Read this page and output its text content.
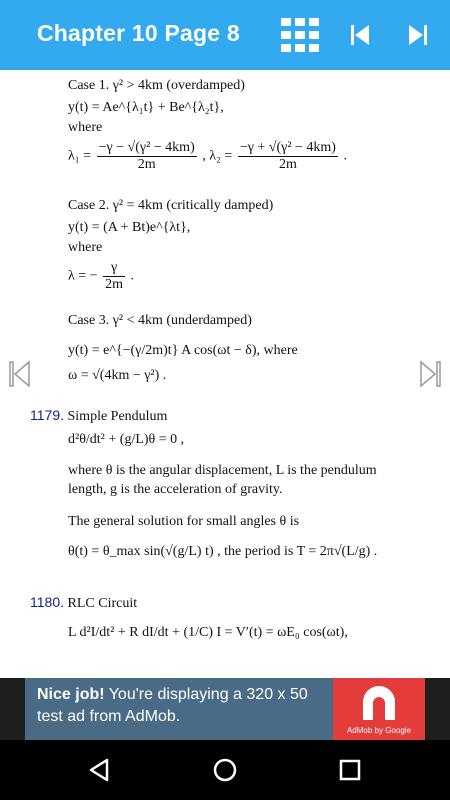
Chapter 10 Page 8
Case 1. γ² > 4km (overdamped)
y(t) = Ae^{λ₁t} + Be^{λ₂t},
where
$\lambda_1 = \frac{\text{−γ − √(γ² − 4km)}}{2m}$ , $\lambda_2 = \frac{\text{−γ + √(γ² − 4km)}}{2m}$ .
Case 2. γ² = 4km (critically damped)
y(t) = (A + Bt)e^{λt},
where
λ = − $\frac{\gamma}{2m}$ .
Case 3. γ² < 4km (underdamped)
y(t) = e^{−(γ/2m)t} A cos(ωt − δ), where
ω = √(4km − γ²) .
1179. Simple Pendulum
d²θ/dt² + (g/L)θ = 0 ,
where θ is the angular displacement, L is the pendulum
length, g is the acceleration of gravity.
The general solution for small angles θ is
θ(t) = θ_max sin(√(g/L) t) , the period is T = 2π√(L/g) .
1180. RLC Circuit
L d²I/dt² + R dI/dt + (1/C) I = V′(t) = ωE₀ cos(ωt),
Nice job! You're displaying a 320 x 50 test ad from AdMob.
AdMob by Google
